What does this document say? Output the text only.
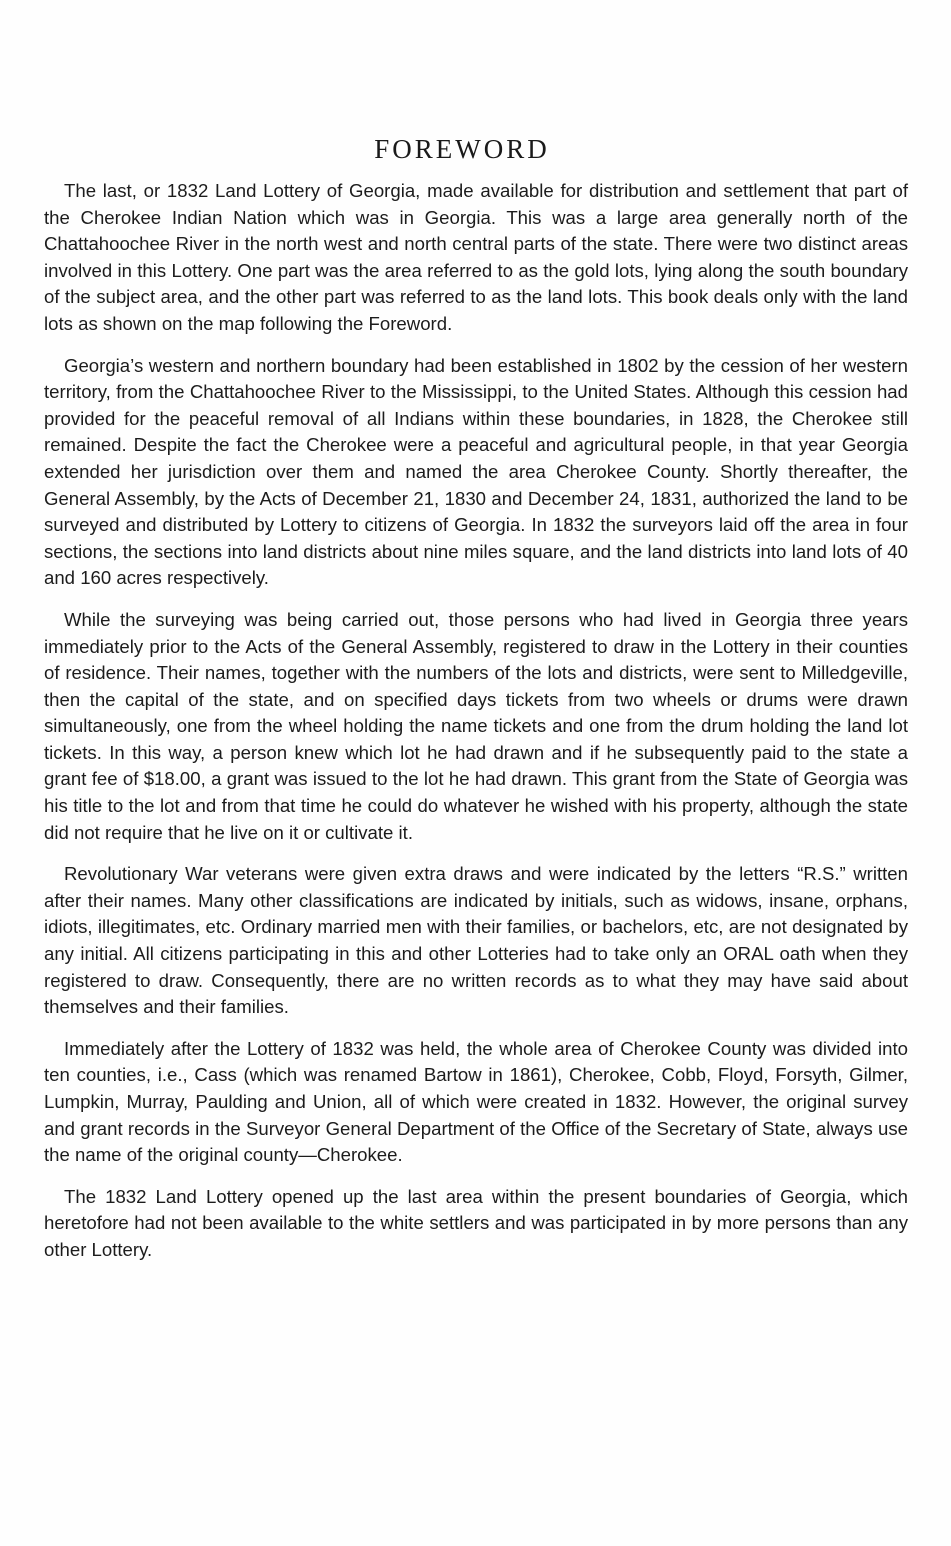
FOREWORD

The last, or 1832 Land Lottery of Georgia, made available for distribution and settlement that part of the Cherokee Indian Nation which was in Georgia. This was a large area generally north of the Chattahoochee River in the north west and north central parts of the state. There were two distinct areas involved in this Lottery. One part was the area referred to as the gold lots, lying along the south boundary of the subject area, and the other part was referred to as the land lots. This book deals only with the land lots as shown on the map following the Foreword.

Georgia’s western and northern boundary had been established in 1802 by the cession of her western territory, from the Chattahoochee River to the Mississippi, to the United States. Although this cession had provided for the peaceful removal of all Indians within these boundaries, in 1828, the Cherokee still remained. Despite the fact the Cherokee were a peaceful and agricultural people, in that year Georgia extended her jurisdiction over them and named the area Cherokee County. Shortly thereafter, the General Assembly, by the Acts of December 21, 1830 and December 24, 1831, authorized the land to be surveyed and distributed by Lottery to citizens of Georgia. In 1832 the surveyors laid off the area in four sections, the sections into land districts about nine miles square, and the land districts into land lots of 40 and 160 acres respectively.

While the surveying was being carried out, those persons who had lived in Georgia three years immediately prior to the Acts of the General Assembly, registered to draw in the Lottery in their counties of residence. Their names, together with the numbers of the lots and districts, were sent to Milledgeville, then the capital of the state, and on specified days tickets from two wheels or drums were drawn simultaneously, one from the wheel holding the name tickets and one from the drum holding the land lot tickets. In this way, a person knew which lot he had drawn and if he subsequently paid to the state a grant fee of $18.00, a grant was issued to the lot he had drawn. This grant from the State of Georgia was his title to the lot and from that time he could do whatever he wished with his property, although the state did not require that he live on it or cultivate it.

Revolutionary War veterans were given extra draws and were indicated by the letters “R.S.” written after their names. Many other classifications are indicated by initials, such as widows, insane, orphans, idiots, illegitimates, etc. Ordinary married men with their families, or bachelors, etc, are not designated by any initial. All citizens participating in this and other Lotteries had to take only an ORAL oath when they registered to draw. Consequently, there are no written records as to what they may have said about themselves and their families.

Immediately after the Lottery of 1832 was held, the whole area of Cherokee County was divided into ten counties, i.e., Cass (which was renamed Bartow in 1861), Cherokee, Cobb, Floyd, Forsyth, Gilmer, Lumpkin, Murray, Paulding and Union, all of which were created in 1832. However, the original survey and grant records in the Surveyor General Department of the Office of the Secretary of State, always use the name of the original county—Cherokee.

The 1832 Land Lottery opened up the last area within the present boundaries of Georgia, which heretofore had not been available to the white settlers and was participated in by more persons than any other Lottery.
